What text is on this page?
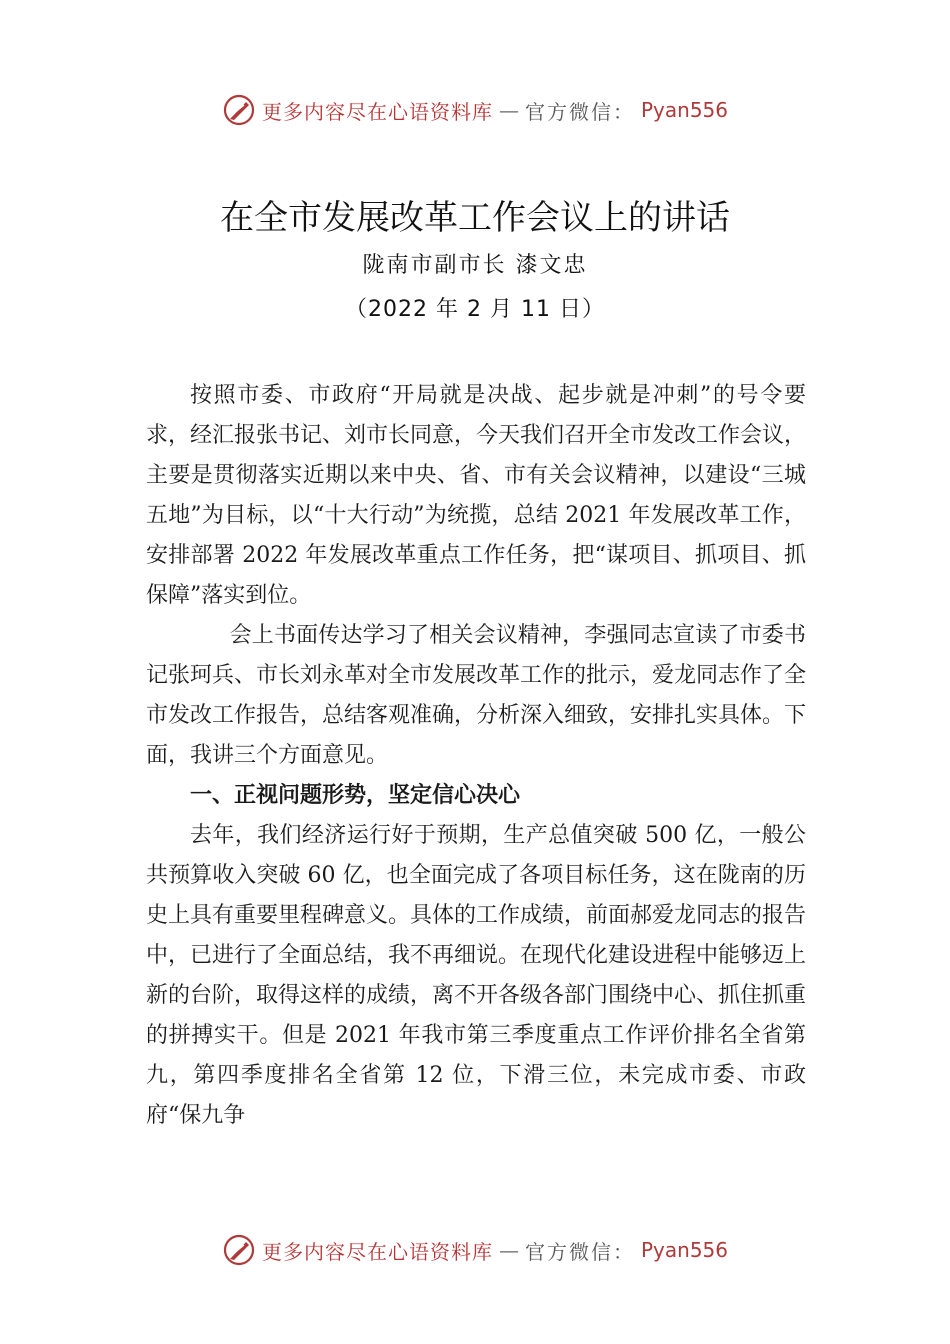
更多内容尽在心语资料库 — 官方微信： Pyan556
在全市发展改革工作会议上的讲话
陇南市副市长 漆文忠
（2022 年 2 月 11 日）

按照市委、市政府“开局就是决战、起步就是冲刺”的号令要求，经汇报张书记、刘市长同意，今天我们召开全市发改工作会议，主要是贯彻落实近期以来中央、省、市有关会议精神，以建设“三城五地”为目标，以“十大行动”为统揽，总结 2021 年发展改革工作，安排部署 2022 年发展改革重点工作任务，把“谋项目、抓项目、抓保障”落实到位。

会上书面传达学习了相关会议精神，李强同志宣读了市委书记张珂兵、市长刘永革对全市发展改革工作的批示，爱龙同志作了全市发改工作报告，总结客观准确，分析深入细致，安排扎实具体。下面，我讲三个方面意见。

一、正视问题形势，坚定信心决心

去年，我们经济运行好于预期，生产总值突破 500 亿，一般公共预算收入突破 60 亿，也全面完成了各项目标任务，这在陇南的历史上具有重要里程碑意义。具体的工作成绩，前面郝爱龙同志的报告中，已进行了全面总结，我不再细说。在现代化建设进程中能够迈上新的台阶，取得这样的成绩，离不开各级各部门围绕中心、抓住抓重的拼搏实干。但是 2021 年我市第三季度重点工作评价排名全省第九，第四季度排名全省第 12 位，下滑三位，未完成市委、市政府“保九争

更多内容尽在心语资料库 — 官方微信： Pyan556
